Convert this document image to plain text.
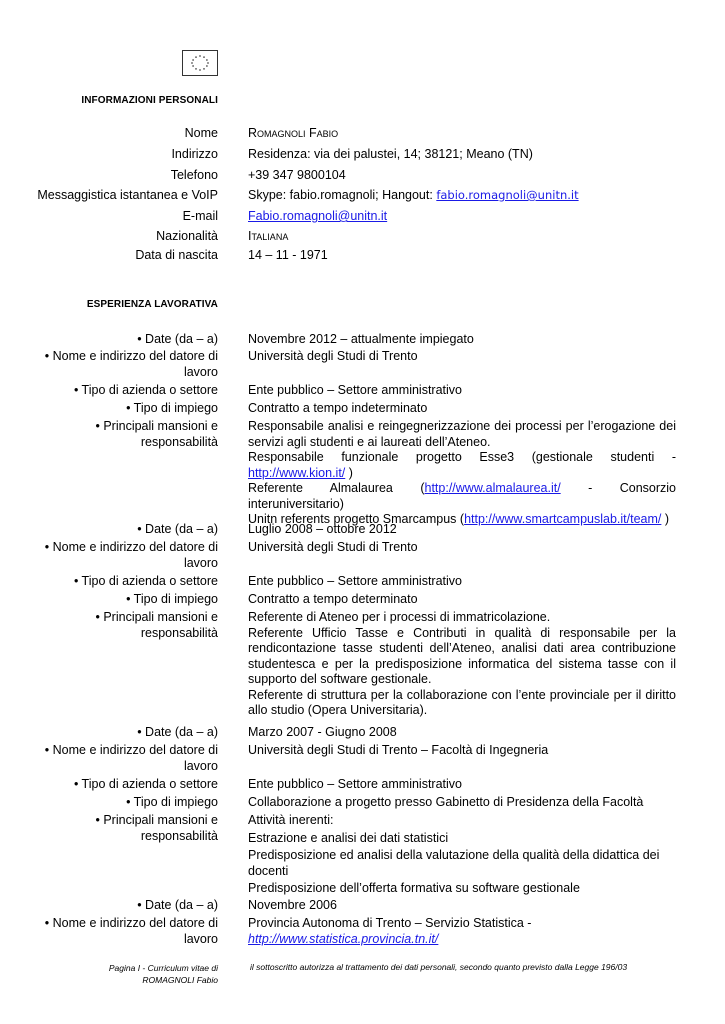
INFORMAZIONI PERSONALI
Nome Romagnoli Fabio
Indirizzo Residenza: via dei palustei, 14; 38121; Meano (TN)
Telefono +39 347 9800104
Messaggistica istantanea e VoIP Skype: fabio.romagnoli; Hangout: fabio.romagnoli@unitn.it
E-mail Fabio.romagnoli@unitn.it
Nazionalità Italiana
Data di nascita 14 – 11 - 1971
ESPERIENZA LAVORATIVA
• Date (da – a) Novembre 2012 – attualmente impiegato
• Nome e indirizzo del datore di lavoro
Università degli Studi di Trento
• Tipo di azienda o settore Ente pubblico – Settore amministrativo
• Tipo di impiego Contratto a tempo indeterminato
• Principali mansioni e responsabilità
Responsabile analisi e reingegnerizzazione dei processi per l’erogazione dei servizi agli studenti e ai laureati dell’Ateneo.
Responsabile funzionale progetto Esse3 (gestionale studenti - http://www.kion.it/ )
Referente Almalaurea (http://www.almalaurea.it/ - Consorzio interuniversitario)
Unitn referents progetto Smarcampus (http://www.smartcampuslab.it/team/ )
• Date (da – a) Luglio 2008 – ottobre 2012
• Nome e indirizzo del datore di lavoro
Università degli Studi di Trento
• Tipo di azienda o settore Ente pubblico – Settore amministrativo
• Tipo di impiego Contratto a tempo determinato
• Principali mansioni e responsabilità
Referente di Ateneo per i processi di immatricolazione.
Referente Ufficio Tasse e Contributi in qualità di responsabile per la rendicontazione tasse studenti dell’Ateneo, analisi dati area contribuzione studentesca e per la predisposizione informatica del sistema tasse con il supporto del software gestionale.
Referente di struttura per la collaborazione con l’ente provinciale per il diritto allo studio (Opera Universitaria).
• Date (da – a) Marzo 2007 - Giugno 2008
• Nome e indirizzo del datore di lavoro
Università degli Studi di Trento – Facoltà di Ingegneria
• Tipo di azienda o settore Ente pubblico – Settore amministrativo
• Tipo di impiego Collaborazione a progetto presso Gabinetto di Presidenza della Facoltà
• Principali mansioni e responsabilità
Attività inerenti:
Estrazione e analisi dei dati statistici
Predisposizione ed analisi della valutazione della qualità della didattica dei docenti
Predisposizione dell’offerta formativa su software gestionale
• Date (da – a) Novembre 2006
• Nome e indirizzo del datore di lavoro
Provincia Autonoma di Trento – Servizio Statistica - http://www.statistica.provincia.tn.it/
Pagina I - Curriculum vitae di ROMAGNOLI Fabio
il sottoscritto autorizza al trattamento dei dati personali, secondo quanto previsto dalla Legge 196/03
